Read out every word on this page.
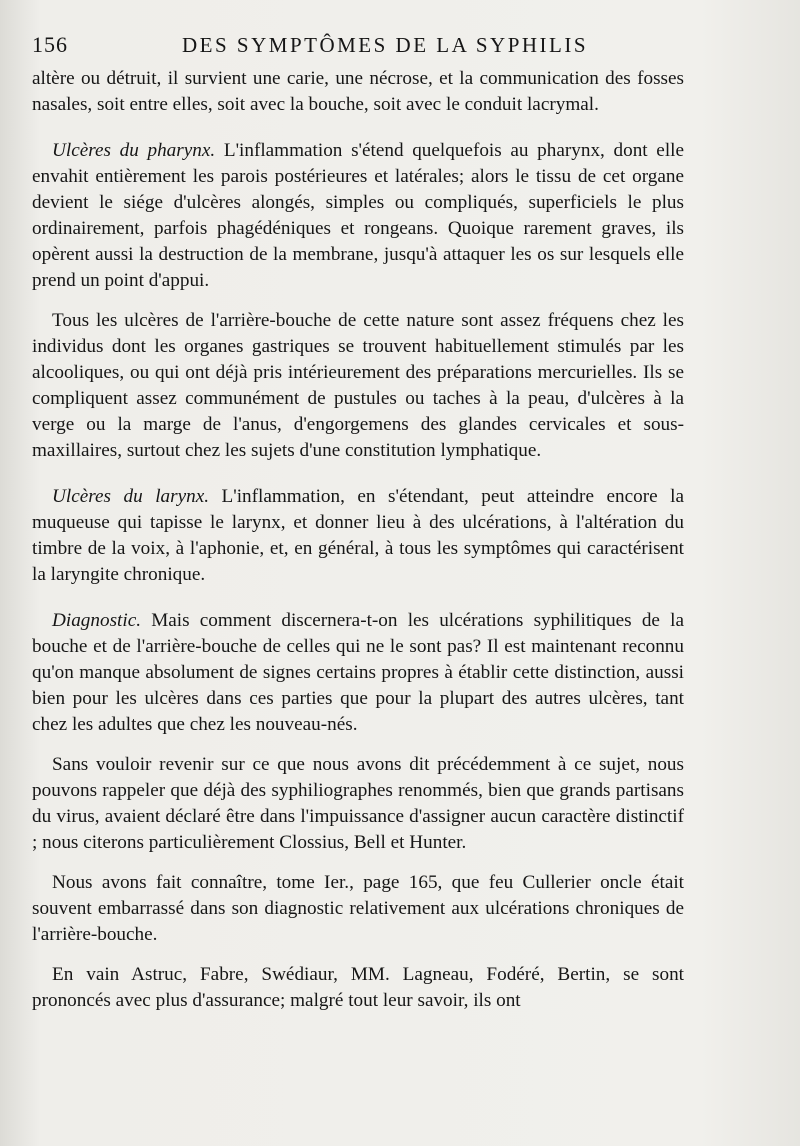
156	DES SYMPTÔMES DE LA SYPHILIS

altère ou détruit, il survient une carie, une nécrose, et la communication des fosses nasales, soit entre elles, soit avec la bouche, soit avec le conduit lacrymal.

Ulcères du pharynx. L'inflammation s'étend quelquefois au pharynx, dont elle envahit entièrement les parois postérieures et latérales; alors le tissu de cet organe devient le siége d'ulcères alongés, simples ou compliqués, superficiels le plus ordinairement, parfois phagédéniques et rongeans. Quoique rarement graves, ils opèrent aussi la destruction de la membrane, jusqu'à attaquer les os sur lesquels elle prend un point d'appui.

Tous les ulcères de l'arrière-bouche de cette nature sont assez fréquens chez les individus dont les organes gastriques se trouvent habituellement stimulés par les alcooliques, ou qui ont déjà pris intérieurement des préparations mercurielles. Ils se compliquent assez communément de pustules ou taches à la peau, d'ulcères à la verge ou la marge de l'anus, d'engorgemens des glandes cervicales et sous-maxillaires, surtout chez les sujets d'une constitution lymphatique.

Ulcères du larynx. L'inflammation, en s'étendant, peut atteindre encore la muqueuse qui tapisse le larynx, et donner lieu à des ulcérations, à l'altération du timbre de la voix, à l'aphonie, et, en général, à tous les symptômes qui caractérisent la laryngite chronique.

Diagnostic. Mais comment discernera-t-on les ulcérations syphilitiques de la bouche et de l'arrière-bouche de celles qui ne le sont pas? Il est maintenant reconnu qu'on manque absolument de signes certains propres à établir cette distinction, aussi bien pour les ulcères dans ces parties que pour la plupart des autres ulcères, tant chez les adultes que chez les nouveau-nés.

Sans vouloir revenir sur ce que nous avons dit précédemment à ce sujet, nous pouvons rappeler que déjà des syphiliographes renommés, bien que grands partisans du virus, avaient déclaré être dans l'impuissance d'assigner aucun caractère distinctif ; nous citerons particulièrement Clossius, Bell et Hunter.

Nous avons fait connaître, tome Ier., page 165, que feu Cullerier oncle était souvent embarrassé dans son diagnostic relativement aux ulcérations chroniques de l'arrière-bouche.

En vain Astruc, Fabre, Swédiaur, MM. Lagneau, Fodéré, Bertin, se sont prononcés avec plus d'assurance; malgré tout leur savoir, ils ont
